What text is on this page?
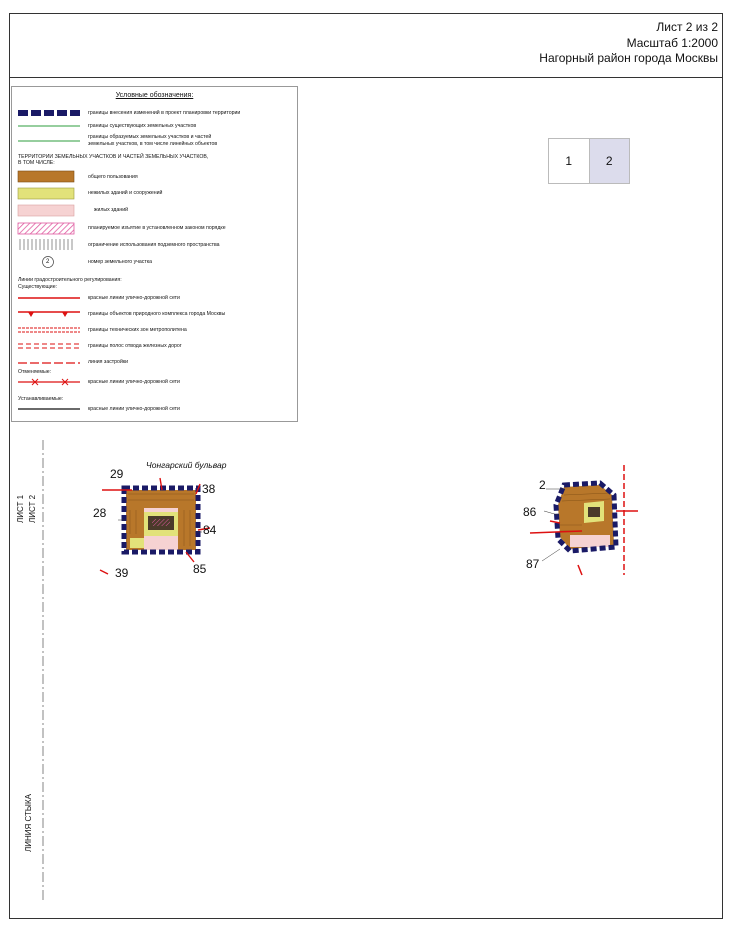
Лист 2 из 2
Масштаб 1:2000
Нагорный район города Москвы
Условные обозначения:
границы внесения изменений в проект планировки территории
границы существующих земельных участков
границы образуемых земельных участков и частей
земельных участков, в том числе линейных объектов
ТЕРРИТОРИИ ЗЕМЕЛЬНЫХ УЧАСТКОВ И ЧАСТЕЙ ЗЕМЕЛЬНЫХ УЧАСТКОВ,
В ТОМ ЧИСЛЕ:
общего пользования
нежилых зданий и сооружений
жилых зданий
планируемое изъятие в установленном законом порядке
ограничение использования подземного пространства
2	номер земельного участка
Линии градостроительного регулирования:
Существующие:
красные линии улично-дорожной сети
границы объектов природного комплекса города Москвы
границы технических зон метрополитена
границы полос отвода железных дорог
линия застройки
Отменяемые:
красные линии улично-дорожной сети
Устанавливаемые:
красные линии улично-дорожной сети
1	2
ЛИСТ 1 ЛИСТ 2
ЛИНИЯ СТЫКА
Чонгарский бульвар
29
38
28
84
39	85
2
86
87
